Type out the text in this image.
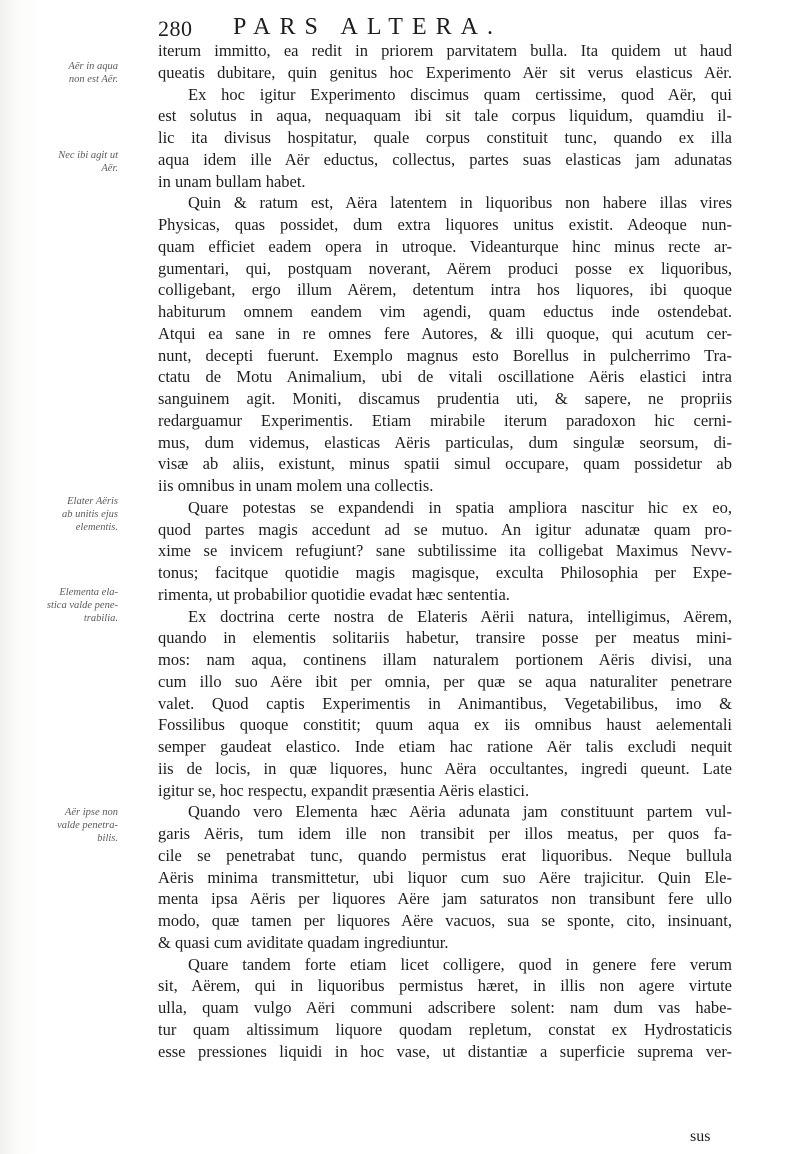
280 PARS ALTERA.
Aër in aqua
non est Aër.
Nec ibi agit ut
Aër.
Elater Aëris
ab unitis ejus
elementis.
Elementa ela-
stica valde pene-
trabilia.
Aër ipse non
valde penetra-
bilis.
iterum immitto, ea redit in priorem parvitatem bulla. Ita quidem ut haud
queatis dubitare, quin genitus hoc Experimento Aër sit verus elasticus Aër.
Ex hoc igitur Experimento discimus quam certissime, quod Aër, qui
est solutus in aqua, nequaquam ibi sit tale corpus liquidum, quamdiu il-
lic ita divisus hospitatur, quale corpus constituit tunc, quando ex illa
aqua idem ille Aër eductus, collectus, partes suas elasticas jam adunatas
in unam bullam habet.
Quin & ratum est, Aëra latentem in liquoribus non habere illas vires
Physicas, quas possidet, dum extra liquores unitus existit. Adeoque nun-
quam efficiet eadem opera in utroque. Videanturque hinc minus recte ar-
gumentari, qui, postquam noverant, Aërem produci posse ex liquoribus,
colligebant, ergo illum Aërem, detentum intra hos liquores, ibi quoque
habiturum omnem eandem vim agendi, quam eductus inde ostendebat.
Atqui ea sane in re omnes fere Autores, & illi quoque, qui acutum cer-
nunt, decepti fuerunt. Exemplo magnus esto Borellus in pulcherrimo Tra-
ctatu de Motu Animalium, ubi de vitali oscillatione Aëris elastici intra
sanguinem agit. Moniti, discamus prudentia uti, & sapere, ne propriis
redarguamur Experimentis. Etiam mirabile iterum paradoxon hic cerni-
mus, dum videmus, elasticas Aëris particulas, dum singulæ seorsum, di-
visæ ab aliis, existunt, minus spatii simul occupare, quam possidetur ab
iis omnibus in unam molem una collectis.
Quare potestas se expandendi in spatia ampliora nascitur hic ex eo,
quod partes magis accedunt ad se mutuo. An igitur adunatæ quam pro-
xime se invicem refugiunt? sane subtilissime ita colligebat Maximus Nevv-
tonus; facitque quotidie magis magisque, exculta Philosophia per Expe-
rimenta, ut probabilior quotidie evadat hæc sententia.
Ex doctrina certe nostra de Elateris Aërii natura, intelligimus, Aërem,
quando in elementis solitariis habetur, transire posse per meatus mini-
mos: nam aqua, continens illam naturalem portionem Aëris divisi, una
cum illo suo Aëre ibit per omnia, per quæ se aqua naturaliter penetrare
valet. Quod captis Experimentis in Animantibus, Vegetabilibus, imo &
Fossilibus quoque constitit; quum aqua ex iis omnibus haust aelementali
semper gaudeat elastico. Inde etiam hac ratione Aër talis excludi nequit
iis de locis, in quæ liquores, hunc Aëra occultantes, ingredi queunt. Late
igitur se, hoc respectu, expandit præsentia Aëris elastici.
Quando vero Elementa hæc Aëria adunata jam constituunt partem vul-
garis Aëris, tum idem ille non transibit per illos meatus, per quos fa-
cile se penetrabat tunc, quando permistus erat liquoribus. Neque bullula
Aëris minima transmittetur, ubi liquor cum suo Aëre trajicitur. Quin Ele-
menta ipsa Aëris per liquores Aëre jam saturatos non transibunt fere ullo
modo, quæ tamen per liquores Aëre vacuos, sua se sponte, cito, insinuant,
& quasi cum aviditate quadam ingrediuntur.
Quare tandem forte etiam licet colligere, quod in genere fere verum
sit, Aërem, qui in liquoribus permistus hæret, in illis non agere virtute
ulla, quam vulgo Aëri communi adscribere solent: nam dum vas habe-
tur quam altissimum liquore quodam repletum, constat ex Hydrostaticis
esse pressiones liquidi in hoc vase, ut distantiæ a superficie suprema ver-
sus
